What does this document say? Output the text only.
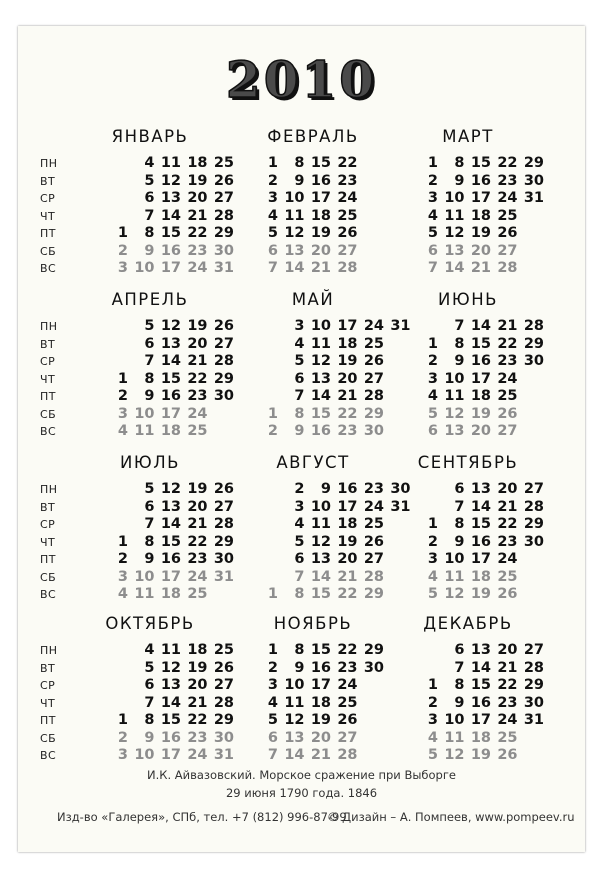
2010
ЯНВАРЬ
ПН
ВТ
СР
ЧТ
ПТ
СБ
ВС
1
2
3
4
5
6
7
8
9
10
11
12
13
14
15
16
17
18
19
20
21
22
23
24
25
26
27
28
29
30
31
ФЕВРАЛЬ
1
2
3
4
5
6
7
8
9
10
11
12
13
14
15
16
17
18
19
20
21
22
23
24
25
26
27
28
МАРТ
1
2
3
4
5
6
7
8
9
10
11
12
13
14
15
16
17
18
19
20
21
22
23
24
25
26
27
28
29
30
31
АПРЕЛЬ
ПН
ВТ
СР
ЧТ
ПТ
СБ
ВС
1
2
3
4
5
6
7
8
9
10
11
12
13
14
15
16
17
18
19
20
21
22
23
24
25
26
27
28
29
30
МАЙ
1
2
3
4
5
6
7
8
9
10
11
12
13
14
15
16
17
18
19
20
21
22
23
24
25
26
27
28
29
30
31
ИЮНЬ
1
2
3
4
5
6
7
8
9
10
11
12
13
14
15
16
17
18
19
20
21
22
23
24
25
26
27
28
29
30
ИЮЛЬ
ПН
ВТ
СР
ЧТ
ПТ
СБ
ВС
1
2
3
4
5
6
7
8
9
10
11
12
13
14
15
16
17
18
19
20
21
22
23
24
25
26
27
28
29
30
31
АВГУСТ
1
2
3
4
5
6
7
8
9
10
11
12
13
14
15
16
17
18
19
20
21
22
23
24
25
26
27
28
29
30
31
СЕНТЯБРЬ
1
2
3
4
5
6
7
8
9
10
11
12
13
14
15
16
17
18
19
20
21
22
23
24
25
26
27
28
29
30
ОКТЯБРЬ
ПН
ВТ
СР
ЧТ
ПТ
СБ
ВС
1
2
3
4
5
6
7
8
9
10
11
12
13
14
15
16
17
18
19
20
21
22
23
24
25
26
27
28
29
30
31
НОЯБРЬ
1
2
3
4
5
6
7
8
9
10
11
12
13
14
15
16
17
18
19
20
21
22
23
24
25
26
27
28
29
30
ДЕКАБРЬ
1
2
3
4
5
6
7
8
9
10
11
12
13
14
15
16
17
18
19
20
21
22
23
24
25
26
27
28
29
30
31
И.К. Айвазовский. Морское сражение при Выборге
29 июня 1790 года. 1846
Изд-во «Галерея», СПб, тел. +7 (812) 996-87-99
© Дизайн – А. Помпеев, www.pompeev.ru
